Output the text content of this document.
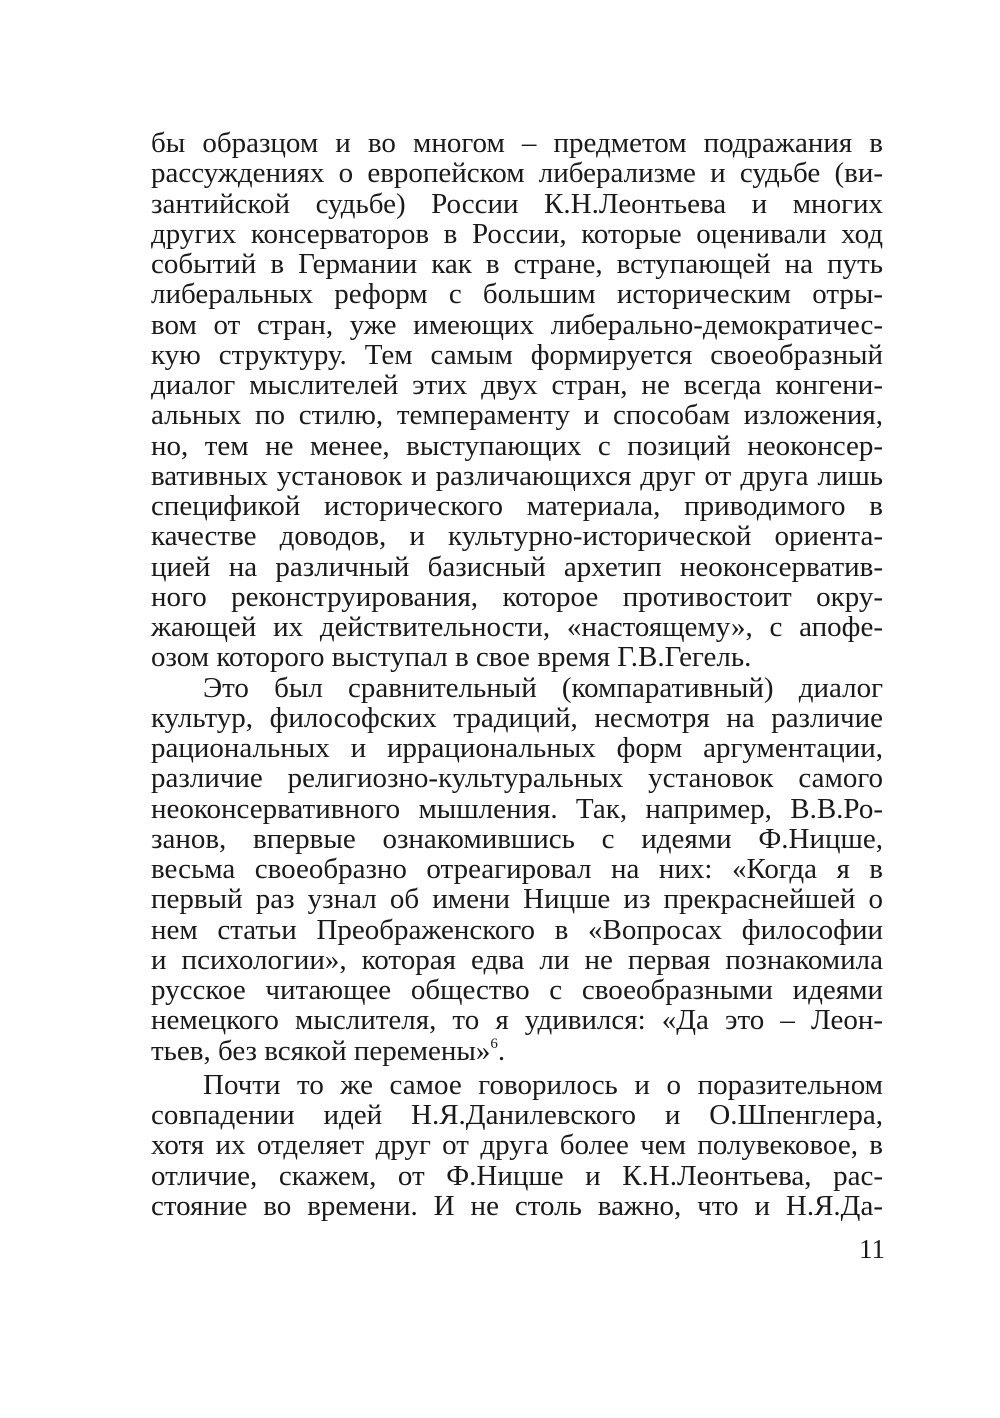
бы образцом и во многом – предметом подражания в
рассуждениях о европейском либерализме и судьбе (ви-
зантийской судьбе) России К.Н.Леонтьева и многих
других консерваторов в России, которые оценивали ход
событий в Германии как в стране, вступающей на путь
либеральных реформ с большим историческим отры-
вом от стран, уже имеющих либерально-демократичес-
кую структуру. Тем самым формируется своеобразный
диалог мыслителей этих двух стран, не всегда конгени-
альных по стилю, темпераменту и способам изложения,
но, тем не менее, выступающих с позиций неоконсер-
вативных установок и различающихся друг от друга лишь
спецификой исторического материала, приводимого в
качестве доводов, и культурно-исторической ориента-
цией на различный базисный архетип неоконсерватив-
ного реконструирования, которое противостоит окру-
жающей их действительности, «настоящему», с апофе-
озом которого выступал в свое время Г.В.Гегель.
Это был сравнительный (компаративный) диалог
культур, философских традиций, несмотря на различие
рациональных и иррациональных форм аргументации,
различие религиозно-культуральных установок самого
неоконсервативного мышления. Так, например, В.В.Ро-
занов, впервые ознакомившись с идеями Ф.Ницше,
весьма своеобразно отреагировал на них: «Когда я в
первый раз узнал об имени Ницше из прекраснейшей о
нем статьи Преображенского в «Вопросах философии
и психологии», которая едва ли не первая познакомила
русское читающее общество с своеобразными идеями
немецкого мыслителя, то я удивился: «Да это – Леон-
тьев, без всякой перемены»$^6$.
Почти то же самое говорилось и о поразительном
совпадении идей Н.Я.Данилевского и О.Шпенглера,
хотя их отделяет друг от друга более чем полувековое, в
отличие, скажем, от Ф.Ницше и К.Н.Леонтьева, рас-
стояние во времени. И не столь важно, что и Н.Я.Да-
11
